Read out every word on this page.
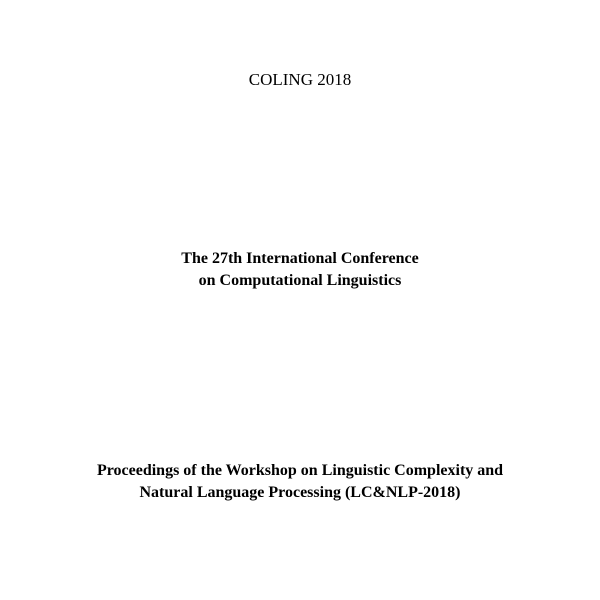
COLING 2018

The 27th International Conference
on Computational Linguistics
Proceedings of the Workshop on Linguistic Complexity and
Natural Language Processing (LC&NLP-2018)
